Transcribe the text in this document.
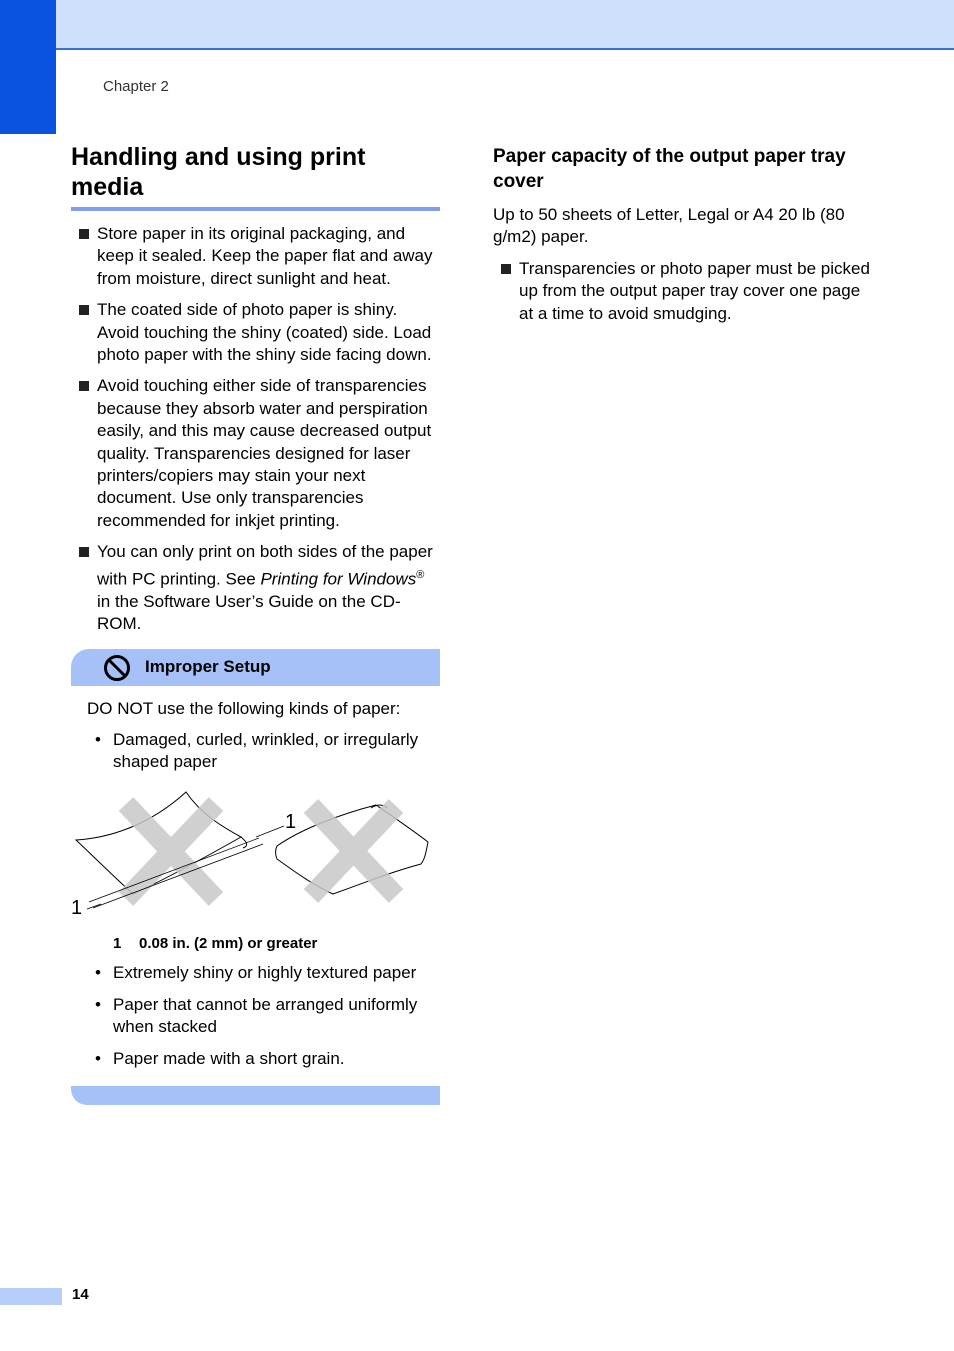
Chapter 2
Handling and using print media
Store paper in its original packaging, and keep it sealed. Keep the paper flat and away from moisture, direct sunlight and heat.
The coated side of photo paper is shiny. Avoid touching the shiny (coated) side. Load photo paper with the shiny side facing down.
Avoid touching either side of transparencies because they absorb water and perspiration easily, and this may cause decreased output quality. Transparencies designed for laser printers/copiers may stain your next document. Use only transparencies recommended for inkjet printing.
You can only print on both sides of the paper with PC printing. See Printing for Windows® in the Software User’s Guide on the CD-ROM.
Improper Setup
DO NOT use the following kinds of paper:
• Damaged, curled, wrinkled, or irregularly shaped paper
1
1
1 0.08 in. (2 mm) or greater
• Extremely shiny or highly textured paper
• Paper that cannot be arranged uniformly when stacked
• Paper made with a short grain.
Paper capacity of the output paper tray cover
Up to 50 sheets of Letter, Legal or A4 20 lb (80 g/m2) paper.
Transparencies or photo paper must be picked up from the output paper tray cover one page at a time to avoid smudging.
14
